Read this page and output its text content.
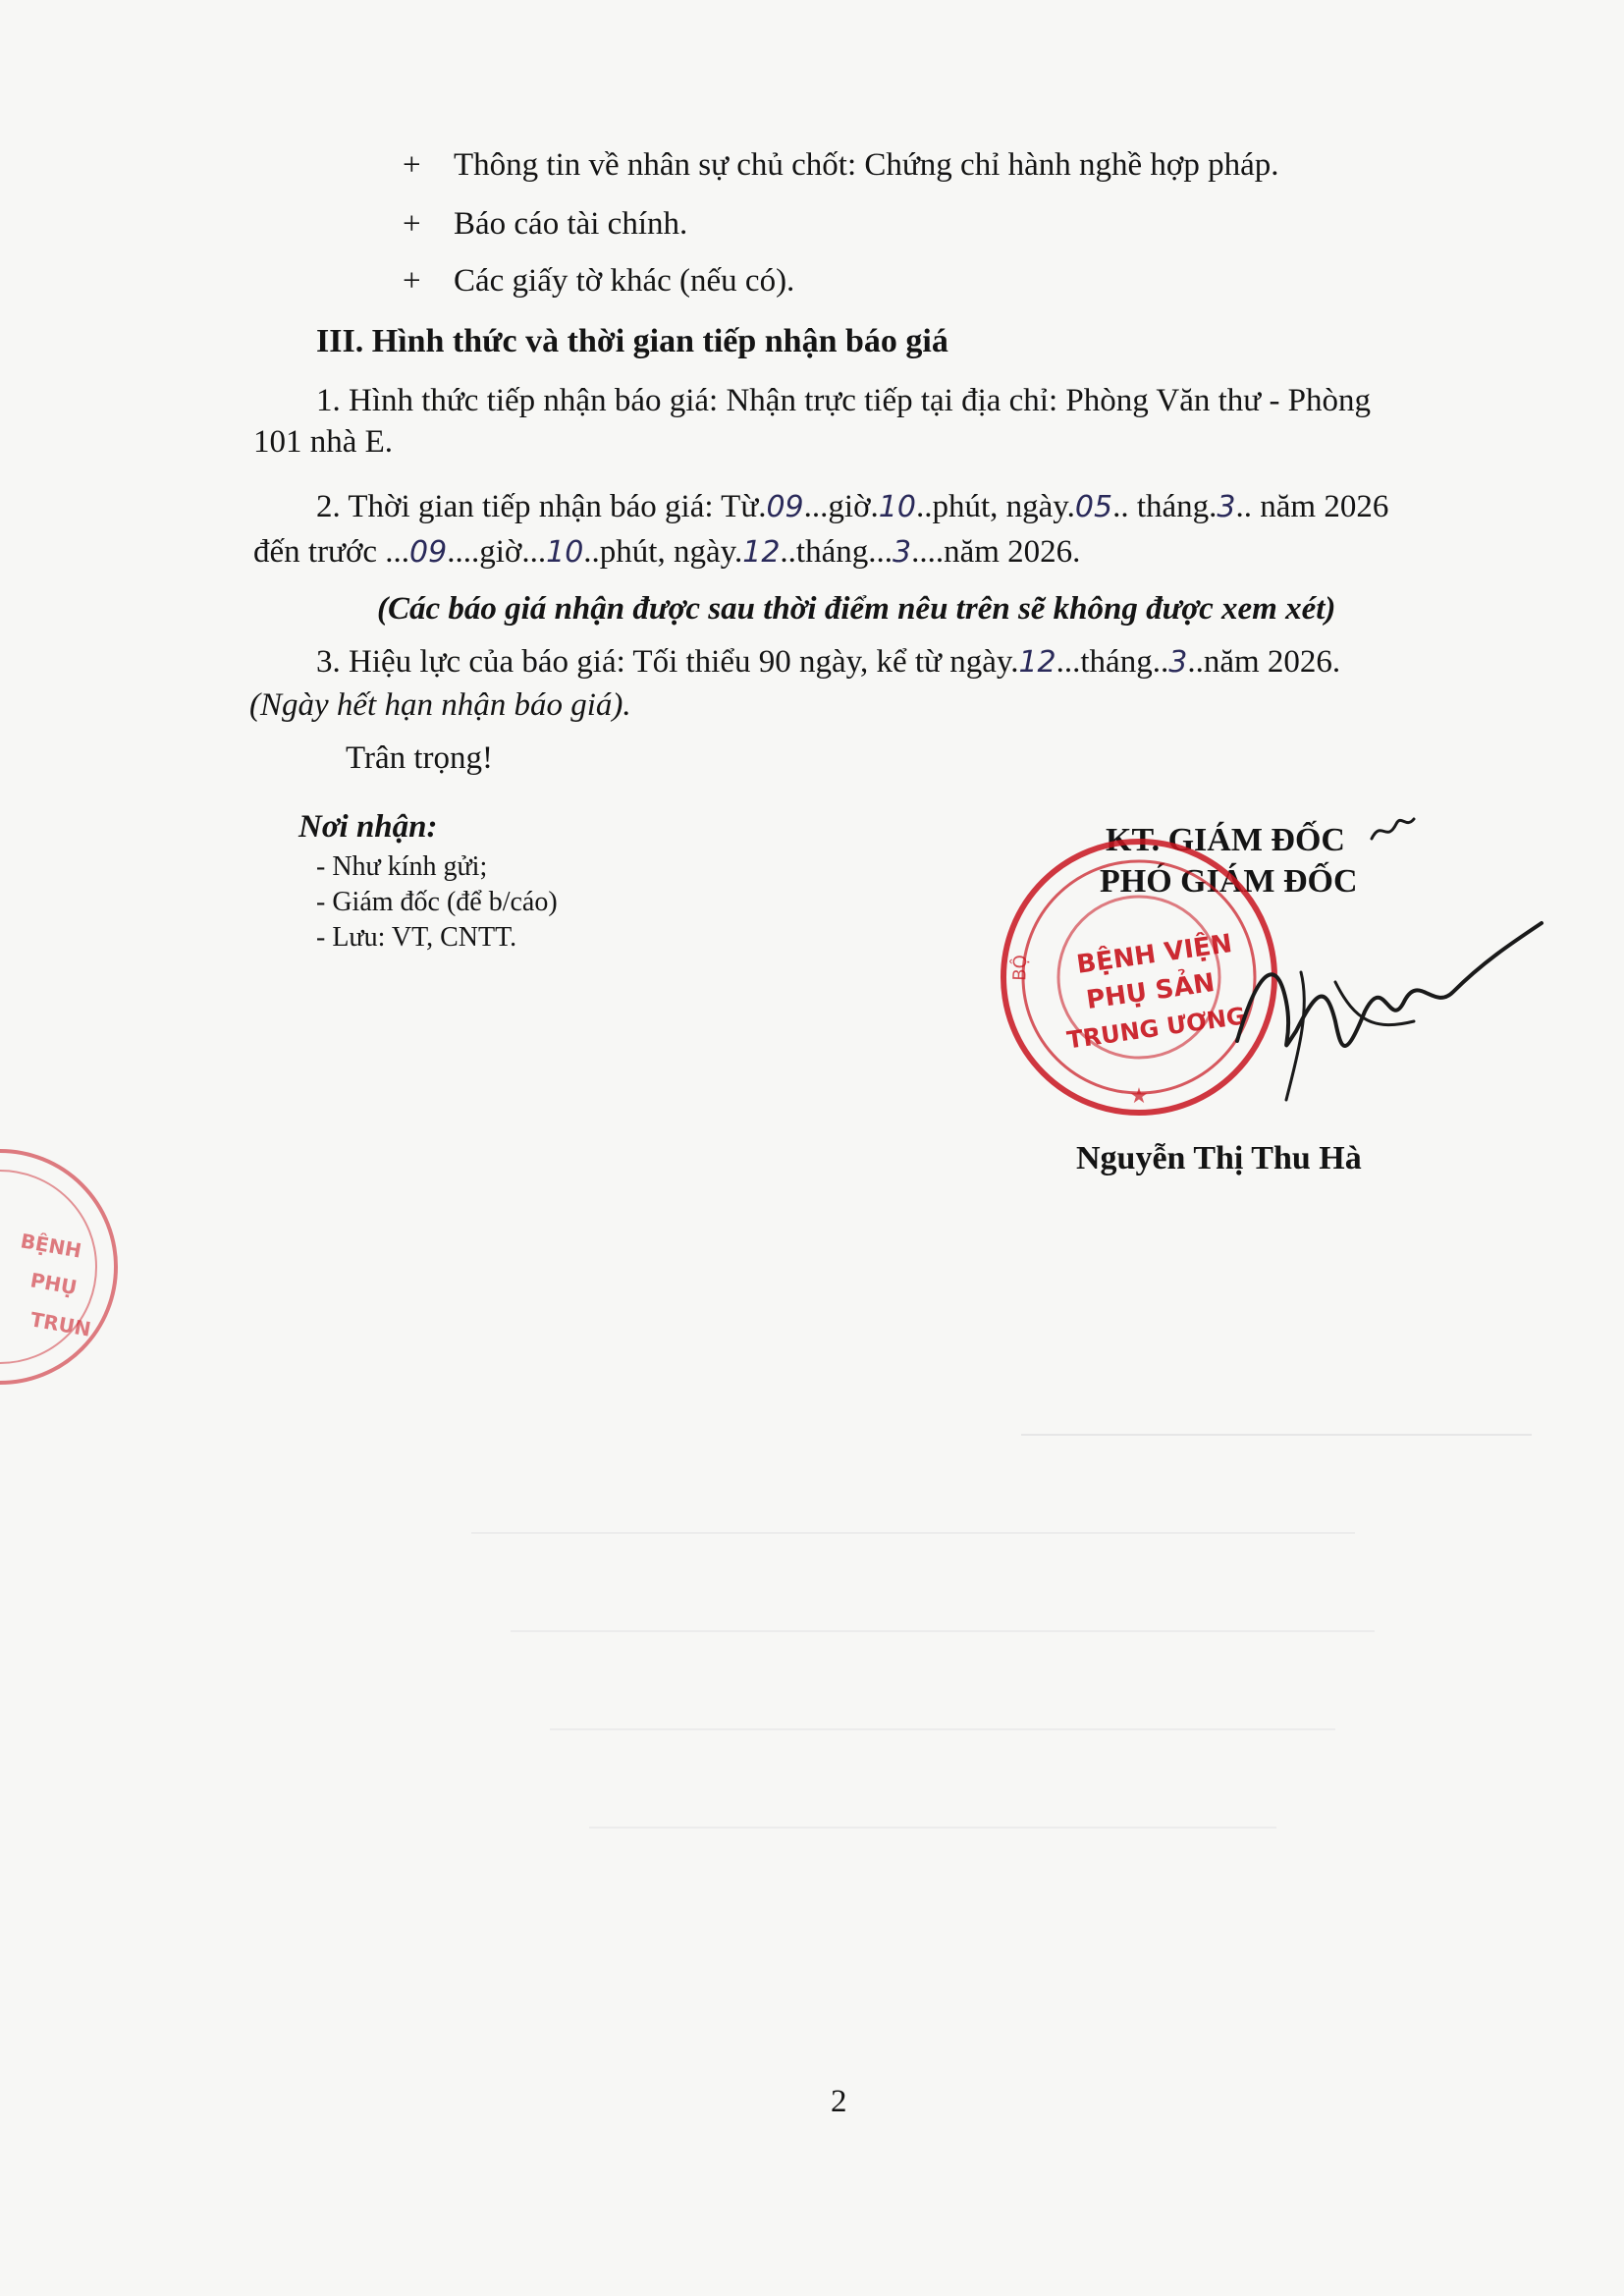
+ Thông tin về nhân sự chủ chốt: Chứng chỉ hành nghề hợp pháp.
+ Báo cáo tài chính.
+ Các giấy tờ khác (nếu có).
III. Hình thức và thời gian tiếp nhận báo giá
1. Hình thức tiếp nhận báo giá: Nhận trực tiếp tại địa chỉ: Phòng Văn thư - Phòng
101 nhà E.
2. Thời gian tiếp nhận báo giá: Từ.09...giờ.10..phút, ngày.05.. tháng.3.. năm 2026
đến trước ...09....giờ...10..phút, ngày.12..tháng...3....năm 2026.
(Các báo giá nhận được sau thời điểm nêu trên sẽ không được xem xét)
3. Hiệu lực của báo giá: Tối thiểu 90 ngày, kể từ ngày.12...tháng..3..năm 2026.
(Ngày hết hạn nhận báo giá).
Trân trọng!
Nơi nhận:
- Như kính gửi;
- Giám đốc (để b/cáo)
- Lưu: VT, CNTT.
KT. GIÁM ĐỐC
PHÓ GIÁM ĐỐC
Nguyễn Thị Thu Hà
★
BỆNH VIỆN
PHỤ SẢN
TRUNG ƯƠNG
BỘ
BỆNH
PHỤ
TRUN
2
